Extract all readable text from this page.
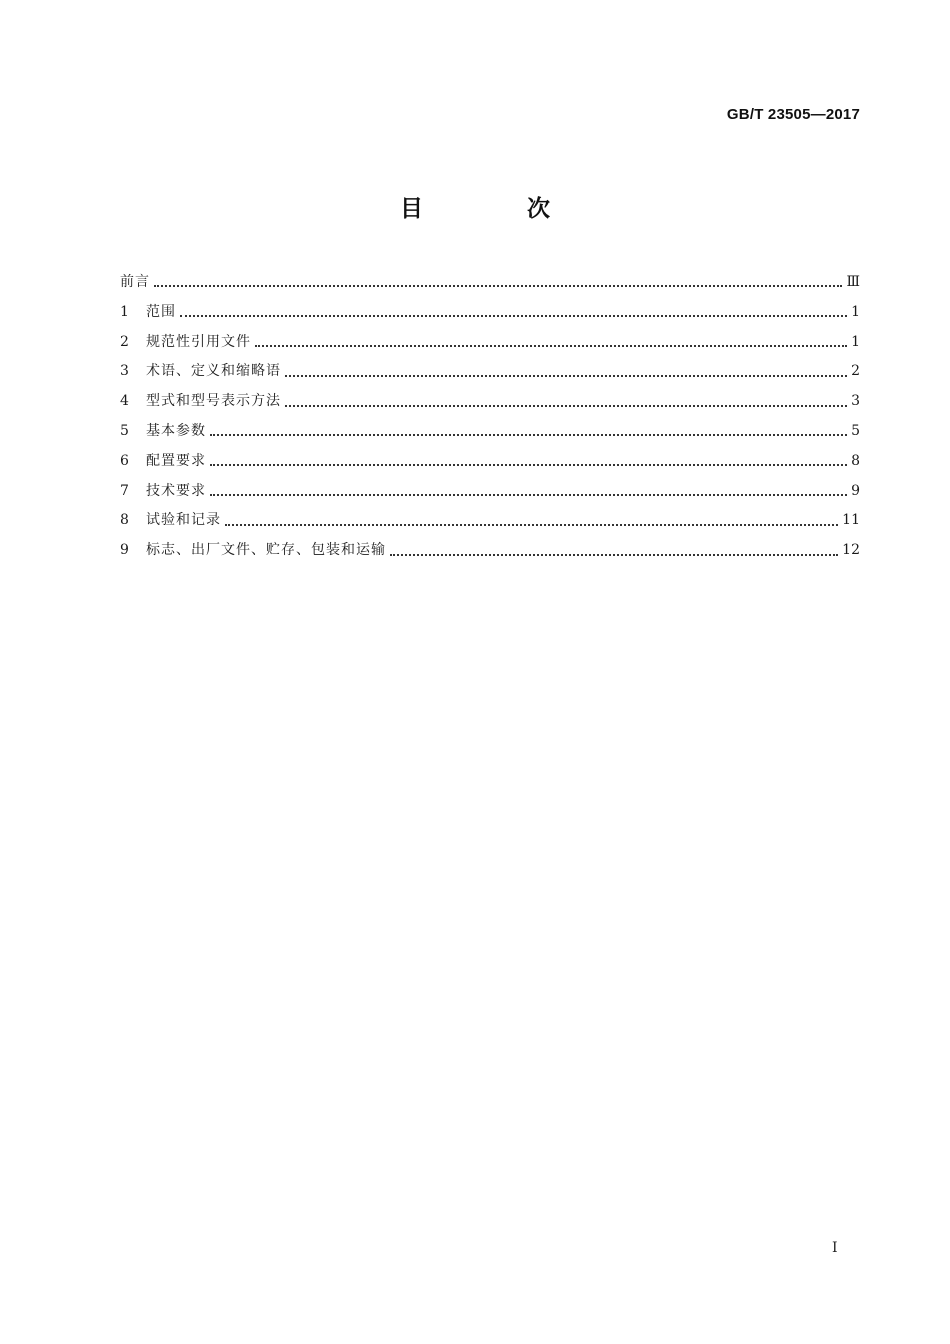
GB/T 23505—2017
目 次
前言	Ⅲ
1	范围	1
2	规范性引用文件	1
3	术语、定义和缩略语	2
4	型式和型号表示方法	3
5	基本参数	5
6	配置要求	8
7	技术要求	9
8	试验和记录	11
9	标志、出厂文件、贮存、包装和运输	12
I
